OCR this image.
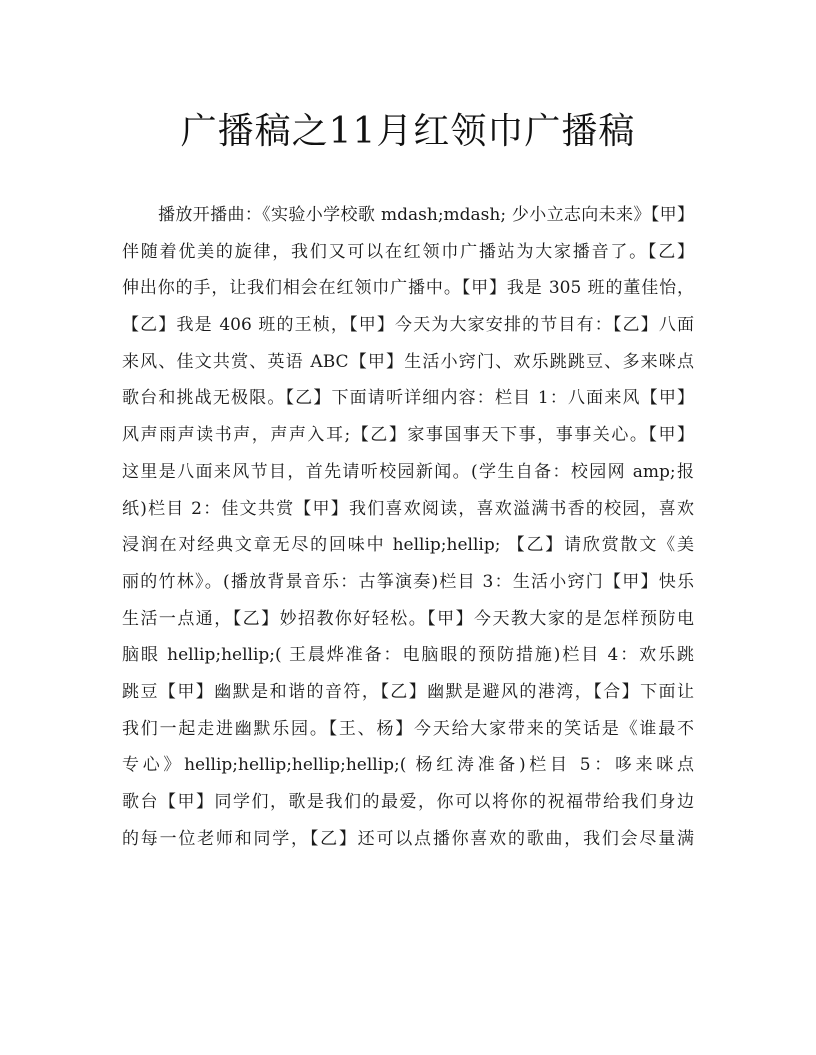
广播稿之11月红领巾广播稿
播放开播曲：《实验小学校歌 mdash;mdash; 少小立志向未来》【甲】
伴随着优美的旋律，我们又可以在红领巾广播站为大家播音了。【乙】
伸出你的手，让我们相会在红领巾广播中。【甲】我是 305 班的董佳怡，
【乙】我是 406 班的王桢，【甲】今天为大家安排的节目有：【乙】八面
来风、佳文共赏、英语 ABC【甲】生活小窍门、欢乐跳跳豆、多来咪点
歌台和挑战无极限。【乙】下面请听详细内容：栏目 1：八面来风【甲】
风声雨声读书声，声声入耳;【乙】家事国事天下事，事事关心。【甲】
这里是八面来风节目，首先请听校园新闻。(学生自备：校园网 amp;报
纸)栏目 2：佳文共赏【甲】我们喜欢阅读，喜欢溢满书香的校园，喜欢
浸润在对经典文章无尽的回味中 hellip;hellip; 【乙】请欣赏散文《美
丽的竹林》。(播放背景音乐：古筝演奏)栏目 3：生活小窍门【甲】快乐
生活一点通，【乙】妙招教你好轻松。【甲】今天教大家的是怎样预防电
脑眼 hellip;hellip;( 王晨烨准备：电脑眼的预防措施)栏目 4：欢乐跳
跳豆【甲】幽默是和谐的音符，【乙】幽默是避风的港湾，【合】下面让
我们一起走进幽默乐园。【王、杨】今天给大家带来的笑话是《谁最不
专心》hellip;hellip;hellip;hellip;( 杨红涛准备)栏目 5：哆来咪点
歌台【甲】同学们，歌是我们的最爱，你可以将你的祝福带给我们身边
的每一位老师和同学，【乙】还可以点播你喜欢的歌曲，我们会尽量满
